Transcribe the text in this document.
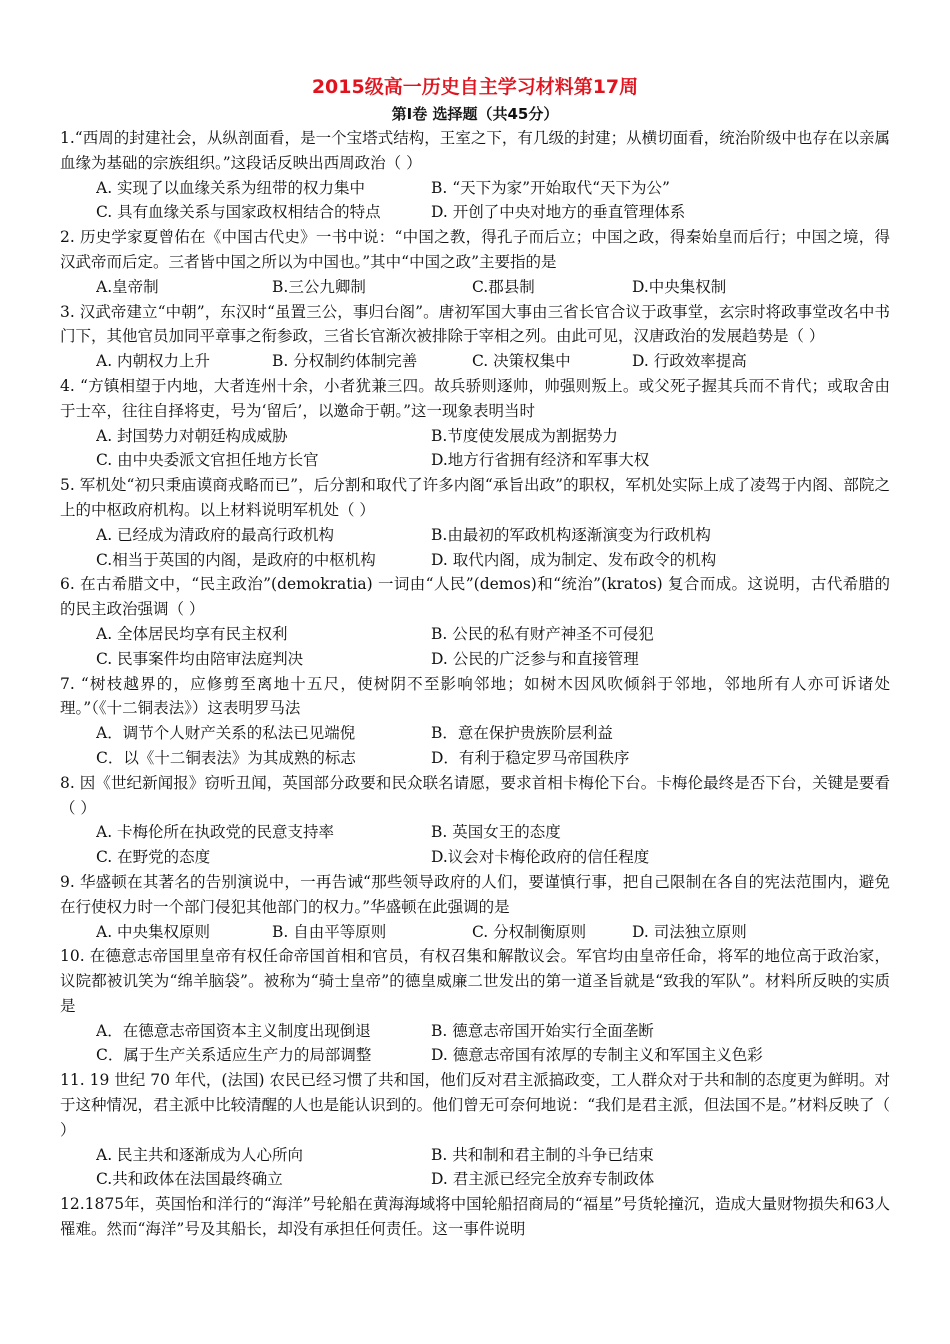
2015级高一历史自主学习材料第17周

第Ⅰ卷 选择题（共45分）

1.“西周的封建社会，从纵剖面看，是一个宝塔式结构，王室之下，有几级的封建；从横切面看，统治阶级中也存在以亲属血缘为基础的宗族组织。”这段话反映出西周政治（ ）

A. 实现了以血缘关系为纽带的权力集中	B. “天下为家”开始取代“天下为公”
C. 具有血缘关系与国家政权相结合的特点	D. 开创了中央对地方的垂直管理体系

2. 历史学家夏曾佑在《中国古代史》一书中说：“中国之教，得孔子而后立；中国之政，得秦始皇而后行；中国之境，得汉武帝而后定。三者皆中国之所以为中国也。”其中“中国之政”主要指的是

A.皇帝制	B.三公九卿制	C.郡县制	D.中央集权制

3. 汉武帝建立“中朝”，东汉时“虽置三公，事归台阁”。唐初军国大事由三省长官合议于政事堂，玄宗时将政事堂改名中书门下，其他官员加同平章事之衔参政，三省长官渐次被排除于宰相之列。由此可见，汉唐政治的发展趋势是（ ）

A. 内朝权力上升	B. 分权制约体制完善	C. 决策权集中	D. 行政效率提高

4. “方镇相望于内地，大者连州十余，小者犹兼三四。故兵骄则逐帅，帅强则叛上。或父死子握其兵而不肯代；或取舍由于士卒，往往自择将吏，号为‘留后’，以邀命于朝。”这一现象表明当时

A. 封国势力对朝廷构成威胁	B.节度使发展成为割据势力
C. 由中央委派文官担任地方长官	D.地方行省拥有经济和军事大权

5. 军机处“初只秉庙谟商戎略而已”，后分割和取代了许多内阁“承旨出政”的职权，军机处实际上成了凌驾于内阁、部院之上的中枢政府机构。以上材料说明军机处（ ）

A. 已经成为清政府的最高行政机构	B.由最初的军政机构逐渐演变为行政机构
C.相当于英国的内阁，是政府的中枢机构	D. 取代内阁，成为制定、发布政令的机构

6. 在古希腊文中，“民主政治”(demokratia) 一词由“人民”(demos)和“统治”(kratos) 复合而成。这说明，古代希腊的的民主政治强调（ ）

A. 全体居民均享有民主权利	B. 公民的私有财产神圣不可侵犯
C. 民事案件均由陪审法庭判决	D. 公民的广泛参与和直接管理

7. “树枝越界的，应修剪至离地十五尺，使树阴不至影响邻地；如树木因风吹倾斜于邻地，邻地所有人亦可诉诸处理。”（《十二铜表法》）这表明罗马法

A．调节个人财产关系的私法已见端倪	B．意在保护贵族阶层利益
C．以《十二铜表法》为其成熟的标志	D．有利于稳定罗马帝国秩序

8. 因《世纪新闻报》窃听丑闻，英国部分政要和民众联名请愿，要求首相卡梅伦下台。卡梅伦最终是否下台，关键是要看（ ）

A. 卡梅伦所在执政党的民意支持率	B. 英国女王的态度
C. 在野党的态度	D.议会对卡梅伦政府的信任程度

9. 华盛顿在其著名的告别演说中，一再告诫“那些领导政府的人们，要谨慎行事，把自己限制在各自的宪法范围内，避免在行使权力时一个部门侵犯其他部门的权力。”华盛顿在此强调的是

A. 中央集权原则	B. 自由平等原则	C. 分权制衡原则	D. 司法独立原则

10. 在德意志帝国里皇帝有权任命帝国首相和官员，有权召集和解散议会。军官均由皇帝任命，将军的地位高于政治家，议院都被讥笑为“绵羊脑袋”。被称为“骑士皇帝”的德皇威廉二世发出的第一道圣旨就是“致我的军队”。材料所反映的实质是

A．在德意志帝国资本主义制度出现倒退	B. 德意志帝国开始实行全面垄断
C．属于生产关系适应生产力的局部调整	D. 德意志帝国有浓厚的专制主义和军国主义色彩

11. 19 世纪 70 年代，(法国) 农民已经习惯了共和国，他们反对君主派搞政变，工人群众对于共和制的态度更为鲜明。对于这种情况，君主派中比较清醒的人也是能认识到的。他们曾无可奈何地说：“我们是君主派，但法国不是。”材料反映了（ ）

A. 民主共和逐渐成为人心所向	B. 共和制和君主制的斗争已结束
C.共和政体在法国最终确立	D. 君主派已经完全放弃专制政体

12.1875年，英国怡和洋行的“海洋”号轮船在黄海海域将中国轮船招商局的“福星”号货轮撞沉，造成大量财物损失和63人罹难。然而“海洋”号及其船长，却没有承担任何责任。这一事件说明
